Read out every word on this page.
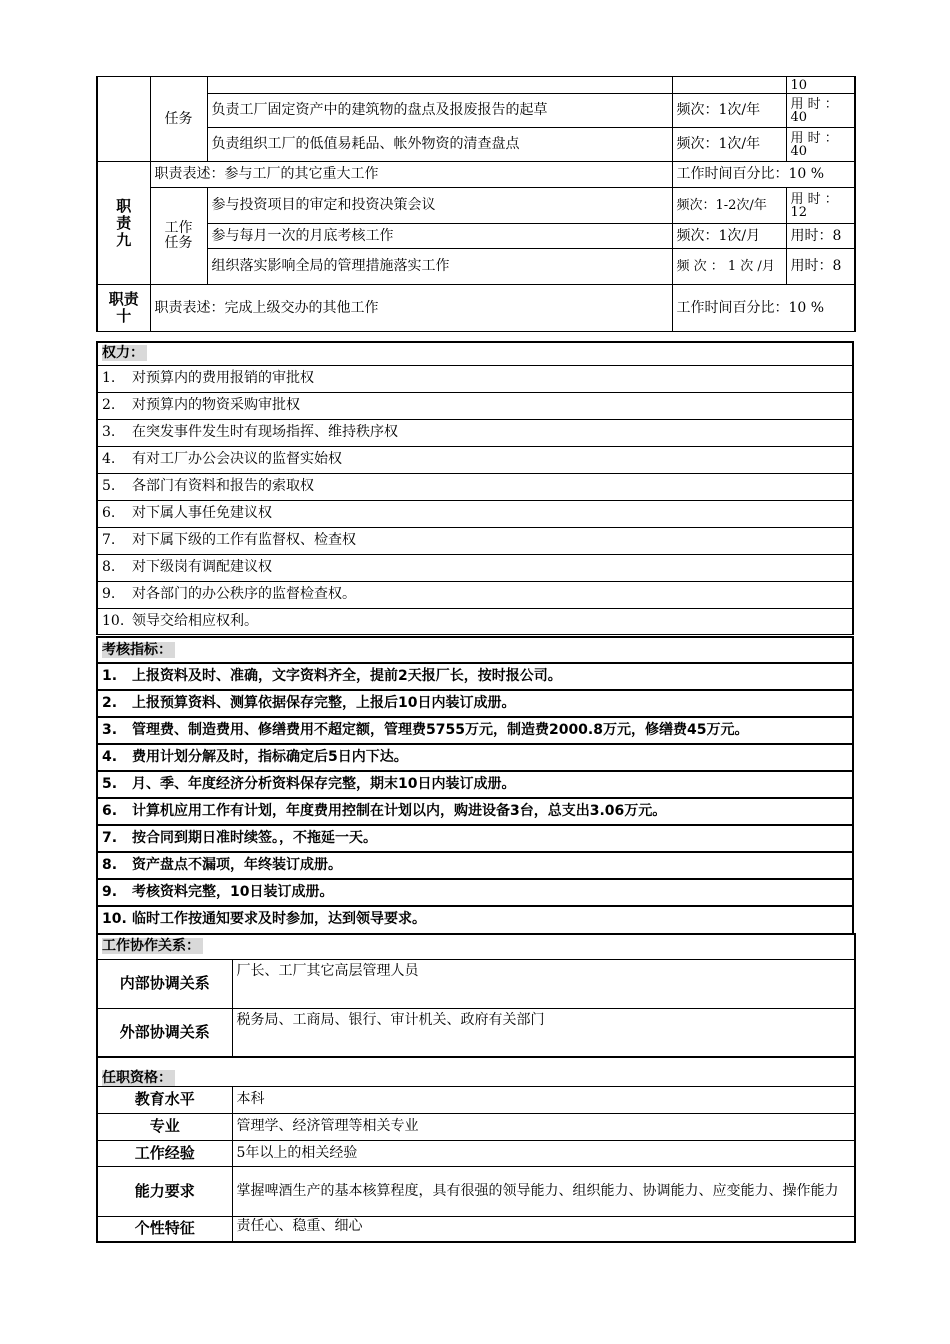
	任务			10
		负责工厂固定资产中的建筑物的盘点及报废报告的起草	频次：1次/年	用 时 ：40
		负责组织工厂的低值易耗品、帐外物资的清查盘点	频次：1次/年	用 时 ：40

职责九	职责表述：参与工厂的其它重大工作		工作时间百分比：10 %	

	工作任务	参与投资项目的审定和投资决策会议	频次：1-2次/年	用 时 ：12
		参与每月一次的月底考核工作	频次：1次/月	用时：8
		组织落实影响全局的管理措施落实工作	频 次 ： 1 次 /月	用时：8

职责十	职责表述：完成上级交办的其他工作		工作时间百分比：10 %	
权力：
1. 对预算内的费用报销的审批权
2. 对预算内的物资采购审批权
3. 在突发事件发生时有现场指挥、维持秩序权
4. 有对工厂办公会决议的监督实始权
5. 各部门有资料和报告的索取权
6. 对下属人事任免建议权
7. 对下属下级的工作有监督权、检查权
8. 对下级岗有调配建议权
9. 对各部门的办公秩序的监督检查权。
10. 领导交给相应权利。
考核指标：
1. 上报资料及时、准确，文字资料齐全，提前2天报厂长，按时报公司。
2. 上报预算资料、测算依据保存完整，上报后10日内装订成册。
3. 管理费、制造费用、修缮费用不超定额，管理费5755万元，制造费2000.8万元，修缮费45万元。
4. 费用计划分解及时，指标确定后5日内下达。
5. 月、季、年度经济分析资料保存完整，期末10日内装订成册。
6. 计算机应用工作有计划，年度费用控制在计划以内，购进设备3台，总支出3.06万元。
7. 按合同到期日准时续签。，不拖延一天。
8. 资产盘点不漏项，年终装订成册。
9. 考核资料完整，10日装订成册。
10. 临时工作按通知要求及时参加，达到领导要求。
工作协作关系：	
内部协调关系	厂长、工厂其它高层管理人员
外部协调关系	税务局、工商局、银行、审计机关、政府有关部门
任职资格：	
教育水平	本科
专业	管理学、经济管理等相关专业
工作经验	5年以上的相关经验
能力要求	掌握啤酒生产的基本核算程度，具有很强的领导能力、组织能力、协调能力、应变能力、操作能力
个性特征	责任心、稳重、细心
